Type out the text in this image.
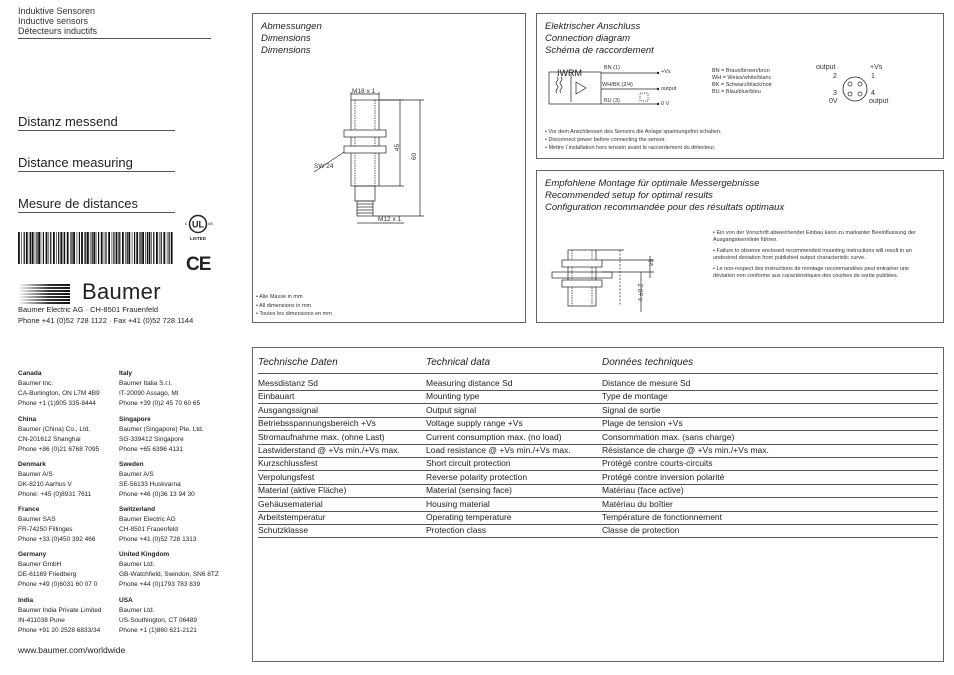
Induktive Sensoren
Inductive sensors
Détecteurs inductifs
Distanz messend
Distance measuring
Mesure de distances
UL
c	us
LISTED
CE
Baumer
Baumer Electric AG · CH-8501 Frauenfeld
Phone +41 (0)52 728 1122 · Fax +41 (0)52 728 1144
Canada
Baumer Inc.
CA-Burlington, ON L7M 4B9
Phone +1 (1)905 335-8444
Italy
Baumer Italia S.r.l.
IT-20090 Assago, MI
Phone +39 (0)2 45 70 60 65
China
Baumer (China) Co., Ltd.
CN-201612 Shanghai
Phone +86 (0)21 6768 7095
Singapore
Baumer (Singapore) Pte. Ltd.
SG-339412 Singapore
Phone +65 6396 4131
Denmark
Baumer A/S
DK-8210 Aarhus V
Phone: +45 (0)8931 7611
Sweden
Baumer A/S
SE-56133 Huskvarna
Phone +46 (0)36 13 94 30
France
Baumer SAS
FR-74250 Fillinges
Phone +33 (0)450 392 466
Switzerland
Baumer Electric AG
CH-8501 Frauenfeld
Phone +41 (0)52 728 1313
Germany
Baumer GmbH
DE-61169 Friedberg
Phone +49 (0)6031 60 07 0
United Kingdom
Baumer Ltd.
GB-Watchfield, Swindon, SN6 8TZ
Phone +44 (0)1793 783 839
India
Baumer India Private Limited
IN-411038 Pune
Phone +91 20 2528 6833/34
USA
Baumer Ltd.
US-Southington, CT 06489
Phone +1 (1)860 621-2121
www.baumer.com/worldwide
Abmessungen
Dimensions
Dimensions
M18 x 1
SW 24
45
60
M12 x 1
• Alle Masse in mm
• All dimensions in mm
• Toutes les dimensions en mm
Elektrischer Anschluss
Connection diagram
Schéma de raccordement
IWRM	BN (1)
WH/BK (2/4)
BU (3)
+Vs
output
0 V
BN = Braun/brown/brun
WH = Weiss/white/blanc
BK = Schwarz/black/noir
BU = Blau/blue/bleu
output	+Vs
2	1
3	4
0V	output
• Vor dem Anschliessen des Sensors die Anlage spannungsfrei schalten.
• Disconnect power before connecting the sensor.
• Mettre l´installation hors tension avant le raccordement du détecteur.
Empfohlene Montage für optimale Messergebnisse
Recommended setup for optimal results
Configuration recommandée pour des résultats optimaux
≥9
4 ±0.2
• Ein von der Vorschrift abweichender Einbau kann zu markanter Beeinflussung der Ausgangskennlinie führen.
• Failure to observe enclosed recommended mounting instructions will result in an undesired deviation from published output characteristic curve.
• Le non-respect des instructions de montage recommandées peut entrainer une déviation non conforme aux caractéristiques des courbes de sortie publiées.
Technische Daten	Technical data	Données techniques
Messdistanz Sd	Measuring distance Sd	Distance de mesure Sd
Einbauart	Mounting type	Type de montage
Ausgangssignal	Output signal	Signal de sortie
Betriebsspannungsbereich +Vs	Voltage supply range +Vs	Plage de tension +Vs
Stromaufnahme max. (ohne Last)	Current consumption max. (no load)	Consommation max. (sans charge)
Lastwiderstand @ +Vs min./+Vs max.	Load resistance @ +Vs min./+Vs max.	Résistance de charge @ +Vs min./+Vs max.
Kurzschlussfest	Short circuit protection	Protégé contre courts-circuits
Verpolungsfest	Reverse polarity protection	Protégé contre inversion polarité
Material (aktive Fläche)	Material (sensing face)	Matériau (face active)
Gehäusematerial	Housing material	Matériau du boîtier
Arbeitstemperatur	Operating temperature	Température de fonctionnement
Schutzklasse	Protection class	Classe de protection
